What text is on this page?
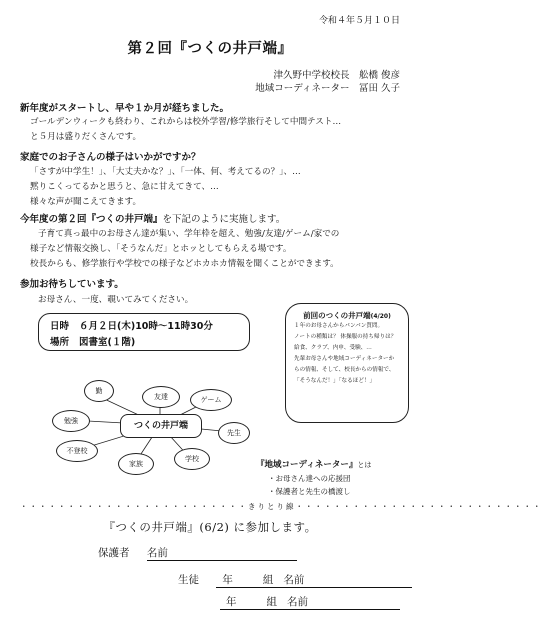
令和４年５月１０日
第２回『つくの井戸端』
津久野中学校校長　舩橋 俊彦
地域コーディネーター　冨田 久子
新年度がスタートし、早や１か月が経ちました。
ゴールデンウィークも終わり、これからは校外学習/修学旅行そして中間テスト…
と５月は盛りだくさんです。
家庭でのお子さんの様子はいかがですか？
「さすが中学生！」、「大丈夫かな？」、「一体、何、考えてるの？」、…
黙りこくってるかと思うと、急に甘えてきて、…
様々な声が聞こえてきます。
今年度の第２回『つくの井戸端』を下記のように実施します。
子育て真っ最中のお母さん達が集い、学年枠を超え、勉強/友達/ゲーム/家での
様子など情報交換し、「そうなんだ」とホッとしてもらえる場です。
校長からも、修学旅行や学校での様子などホカホカ情報を聞くことができます。
参加お待ちしています。
お母さん、一度、覗いてみてください。
日時 ６月２日(木)10時～11時30分
場所 図書室(１階)
前回のつくの井戸端(4/20)
１年のお母さんからバンバン質問。
ノートの種類は？ 体操服の持ち帰りは？
給食、クラブ、内申、受験、…
先輩お母さんや地域コーディネーターか
らの情報、そして、校長からの情報で、
「そうなんだ！」「なるほど！」
勤
友達	ゲーム
勉強
先生
不登校
家族
学校
つくの井戸端
『地域コーディネーター』とは
・お母さん達への応援団
・保護者と先生の橋渡し
・・・・・・・・・・・・・・・・・・・・・・・・きりとり線・・・・・・・・・・・・・・・・・・・・・・・・・・
『つくの井戸端』(6/2) に参加します。
保護者 名前
生徒 年	組 名前
年	組 名前
